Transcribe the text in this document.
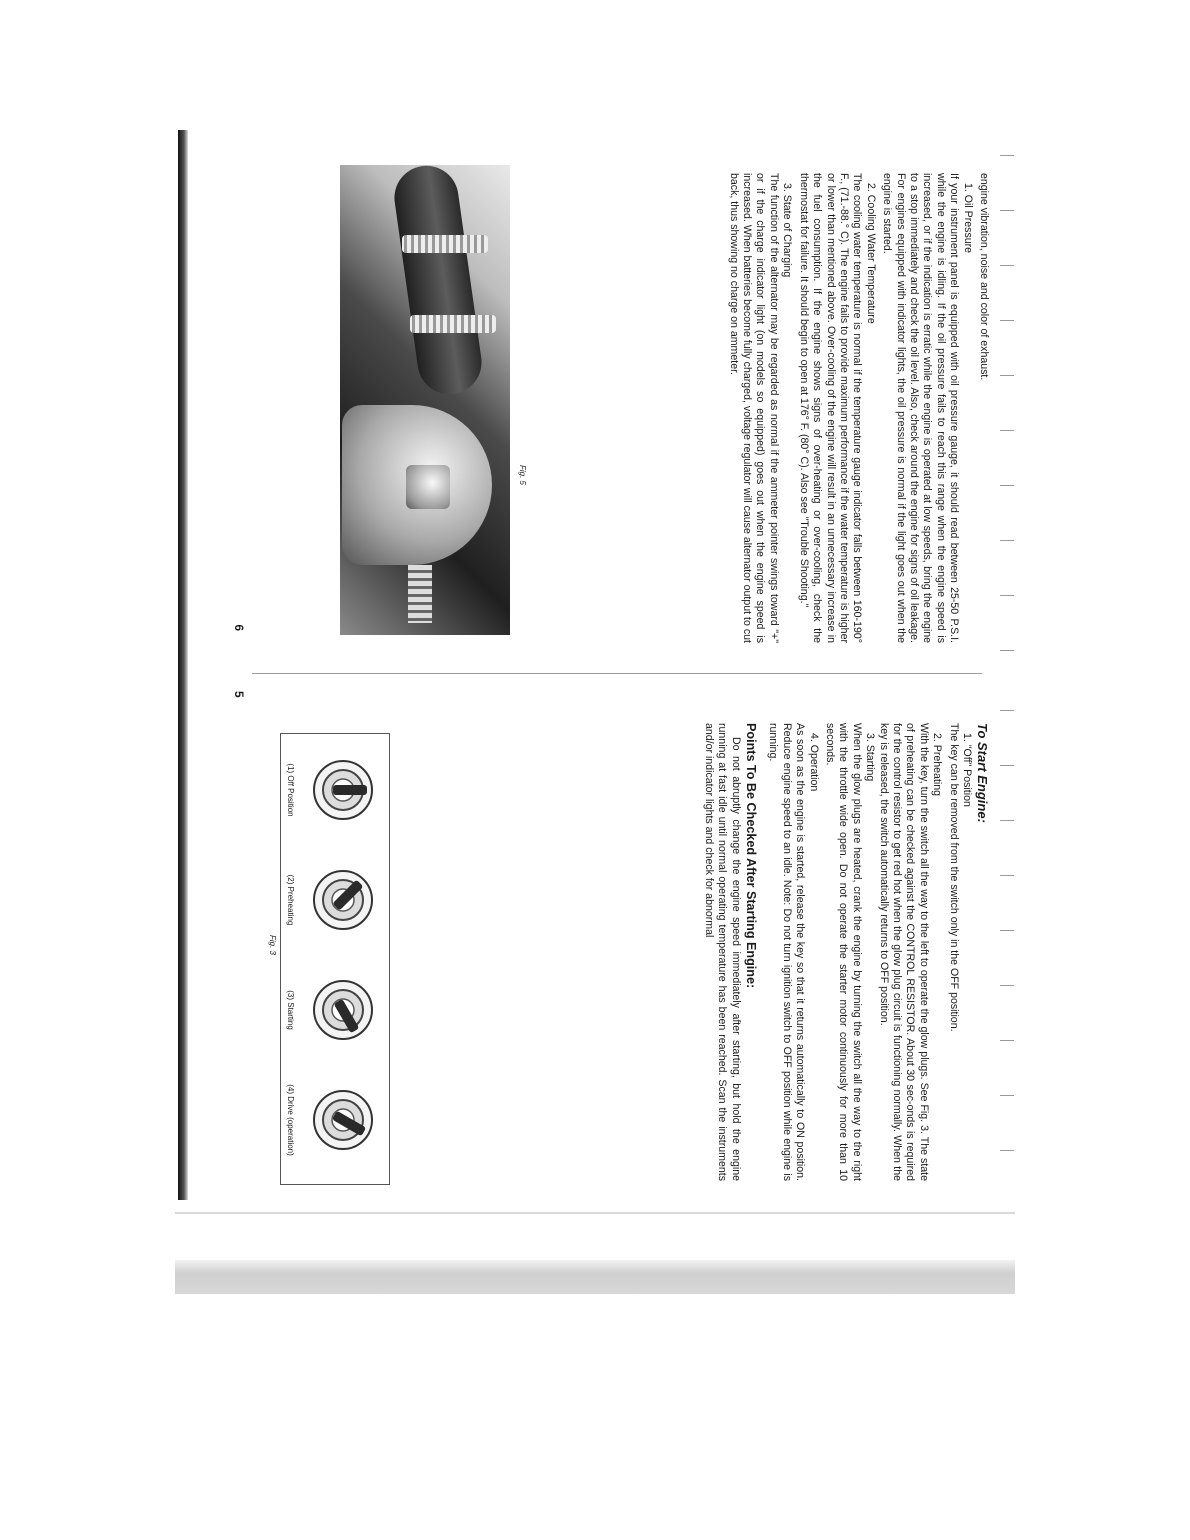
engine vibration, noise and color of exhaust.

1. Oil Pressure

If your instrument panel is equipped with oil pressure gauge, it should read between 25-50 P.S.I. while the engine is idling. If the oil pressure fails to reach this range when the engine speed is increased, or if the indication is erratic while the engine is operated at low speeds, bring the engine to a stop immediately and check the oil level. Also, check around the engine for signs of oil leakage. For engines equipped with indicator lights, the oil pressure is normal if the light goes out when the engine is started.

2. Cooling Water Temperature

The cooling water temperature is normal if the temperature gauge indicator falls between 160-190° F., (71.-88.° C). The engine fails to provide maximum performance if the water temperature is higher or lower than mentioned above. Over-cooling of the engine will result in an unnecessary increase in the fuel consumption. If the engine shows signs of over-heating or over-cooling, check the thermostat for failure. It should begin to open at 176° F. (80° C). Also see "Trouble Shooting."

3. State of Charging

The function of the alternator may be regarded as normal if the ammeter pointer swings toward "+" or if the charge indicator light (on models so equipped) goes out when the engine speed is increased. When batteries become fully charged, voltage regulator will cause alternator output to cut back, thus showing no charge on ammeter.

Fig. 5
6

To Start Engine:

1. "Off" Position

The key can be removed from the switch only in the OFF position.

2. Preheating

With the key, turn the switch all the way to the left to operate the glow plugs. See Fig. 3. The state of preheating can be checked against the CONTROL RESISTOR. About 30 sec-onds is required for the control resistor to get red hot when the glow plug circuit is functioning normally. When the key is released, the switch automatically returns to OFF position.

3. Starting

When the glow plugs are heated, crank the engine by turning the switch all the way to the right with the throttle wide open. Do not operate the starter motor continuously for more than 10 seconds.

4. Operation

As soon as the engine is started, release the key so that it returns automatically to ON position. Reduce engine speed to an idle. Note: Do not turn ignition switch to OFF position while engine is running.

Points To Be Checked After Starting Engine:

Do not abruptly change the engine speed immediately after starting, but hold the engine running at fast idle until normal operating temperature has been reached. Scan the instruments and/or indicator lights and check for abnormal

(1) Off Position
(2) Preheating
(3) Starting
(4) Drive (operation)
Fig. 3
5
